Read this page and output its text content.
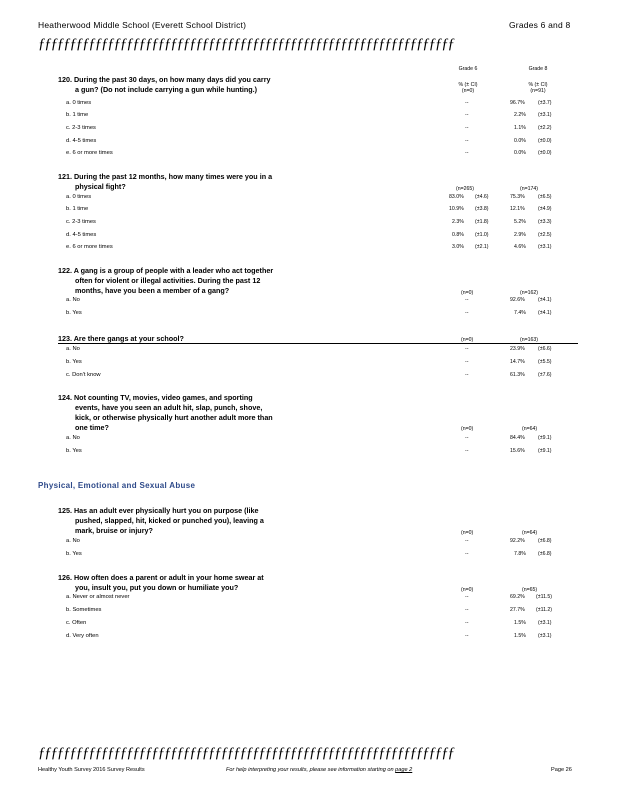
Heatherwood Middle School (Everett School District)	Grades 6 and 8
ƒƒƒƒƒƒƒƒƒƒƒƒƒƒƒƒƒƒƒƒƒƒƒƒƒƒƒƒƒƒƒƒƒƒƒƒƒƒƒƒƒƒƒƒƒƒƒƒƒƒƒƒƒƒƒƒƒƒƒƒƒƒƒƒƒƒ
Grade 6	Grade 8
% (± CI)	% (± CI)
(n=0)	(n=91)
120. During the past 30 days, on how many days did you carry
a gun? (Do not include carrying a gun while hunting.)
a. 0 times	--	96.7%	(±3.7)
b. 1 time	--	2.2% (±3.1)
c. 2-3 times	--	1.1% (±2.2)
d. 4-5 times	--	0.0% (±0.0)
e. 6 or more times	--	0.0% (±0.0)
121. During the past 12 months, how many times were you in a
physical fight?	(n=265)	(n=174)
a. 0 times	83.0% (±4.6)	75.3%	(±6.5)
b. 1 time	10.9% (±3.8)	12.1%	(±4.9)
c. 2-3 times	2.3% (±1.8)	5.2% (±3.3)
d. 4-5 times	0.8% (±1.0)	2.9% (±2.5)
e. 6 or more times	3.0% (±2.1)	4.6% (±3.1)
122. A gang is a group of people with a leader who act together
often for violent or illegal activities. During the past 12
months, have you been a member of a gang?	(n=0)	(n=162)
a. No	--	92.6%	(±4.1)
b. Yes	--	7.4% (±4.1)
123. Are there gangs at your school?	(n=0)	(n=163)
a. No	--	23.9%	(±6.6)
b. Yes	--	14.7%	(±5.5)
c. Don't know	--	61.3%	(±7.6)
124. Not counting TV, movies, video games, and sporting
events, have you seen an adult hit, slap, punch, shove,
kick, or otherwise physically hurt another adult more than
one time?	(n=0)	(n=64)
a. No	--	84.4%	(±9.1)
b. Yes	--	15.6%	(±9.1)
Physical, Emotional and Sexual Abuse
125. Has an adult ever physically hurt you on purpose (like
pushed, slapped, hit, kicked or punched you), leaving a
mark, bruise or injury?	(n=0)	(n=64)
a. No	--	92.2%	(±6.8)
b. Yes	--	7.8% (±6.8)
126. How often does a parent or adult in your home swear at
you, insult you, put you down or humiliate you?	(n=0)	(n=65)
a. Never or almost never	--	69.2% (±11.5)
b. Sometimes	--	27.7% (±11.2)
c. Often	--	1.5% (±3.1)
d. Very often	--	1.5% (±3.1)
ƒƒƒƒƒƒƒƒƒƒƒƒƒƒƒƒƒƒƒƒƒƒƒƒƒƒƒƒƒƒƒƒƒƒƒƒƒƒƒƒƒƒƒƒƒƒƒƒƒƒƒƒƒƒƒƒƒƒƒƒƒƒƒƒƒƒ
Healthy Youth Survey 2016 Survey Results	For help interpreting your results, please see information starting on page 2	Page 26
